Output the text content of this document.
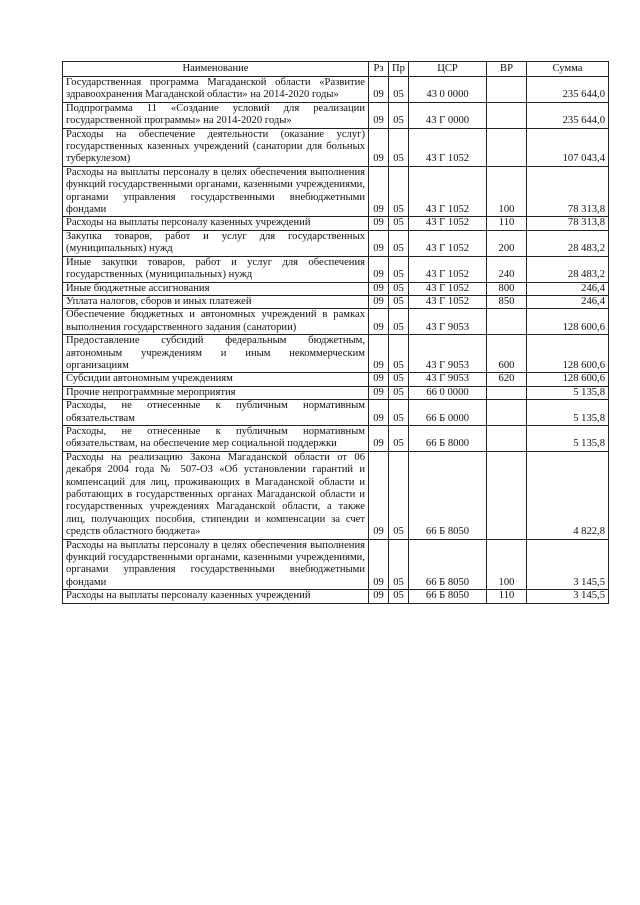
Наименование	Рз	Пр	ЦСР	ВР	Сумма
Государственная программа Магаданской области «Развитие здравоохранения Магаданской области» на 2014-2020 годы»	09	05	43 0 0000		235 644,0
Подпрограмма 11 «Создание условий для реализации государственной программы» на 2014-2020 годы»	09	05	43 Г 0000		235 644,0
Расходы на обеспечение деятельности (оказание услуг) государственных казенных учреждений (санатории для больных туберкулезом)	09	05	43 Г 1052		107 043,4
Расходы на выплаты персоналу в целях обеспечения выполнения функций государственными органами, казенными учреждениями, органами управления государственными внебюджетными фондами	09	05	43 Г 1052	100	78 313,8
Расходы на выплаты персоналу казенных учреждений	09	05	43 Г 1052	110	78 313,8
Закупка товаров, работ и услуг для государственных (муниципальных) нужд	09	05	43 Г 1052	200	28 483,2
Иные закупки товаров, работ и услуг для обеспечения государственных (муниципальных) нужд	09	05	43 Г 1052	240	28 483,2
Иные бюджетные ассигнования	09	05	43 Г 1052	800	246,4
Уплата налогов, сборов и иных платежей	09	05	43 Г 1052	850	246,4
Обеспечение бюджетных и автономных учреждений в рамках выполнения государственного задания (санатории)	09	05	43 Г 9053		128 600,6
Предоставление субсидий федеральным бюджетным, автономным учреждениям и иным некоммерческим организациям	09	05	43 Г 9053	600	128 600,6
Субсидии автономным учреждениям	09	05	43 Г 9053	620	128 600,6
Прочие непрограммные мероприятия	09	05	66 0 0000		5 135,8
Расходы, не отнесенные к публичным нормативным обязательствам	09	05	66 Б 0000		5 135,8
Расходы, не отнесенные к публичным нормативным обязательствам, на обеспечение мер социальной поддержки	09	05	66 Б 8000		5 135,8
Расходы на реализацию Закона Магаданской области от 06 декабря 2004 года № 507-ОЗ «Об установлении гарантий и компенсаций для лиц, проживающих в Магаданской области и работающих в государственных органах Магаданской области и государственных учреждениях Магаданской области, а также лиц, получающих пособия, стипендии и компенсации за счет средств областного бюджета»	09	05	66 Б 8050		4 822,8
Расходы на выплаты персоналу в целях обеспечения выполнения функций государственными органами, казенными учреждениями, органами управления государственными внебюджетными фондами	09	05	66 Б 8050	100	3 145,5
Расходы на выплаты персоналу казенных учреждений	09	05	66 Б 8050	110	3 145,5
